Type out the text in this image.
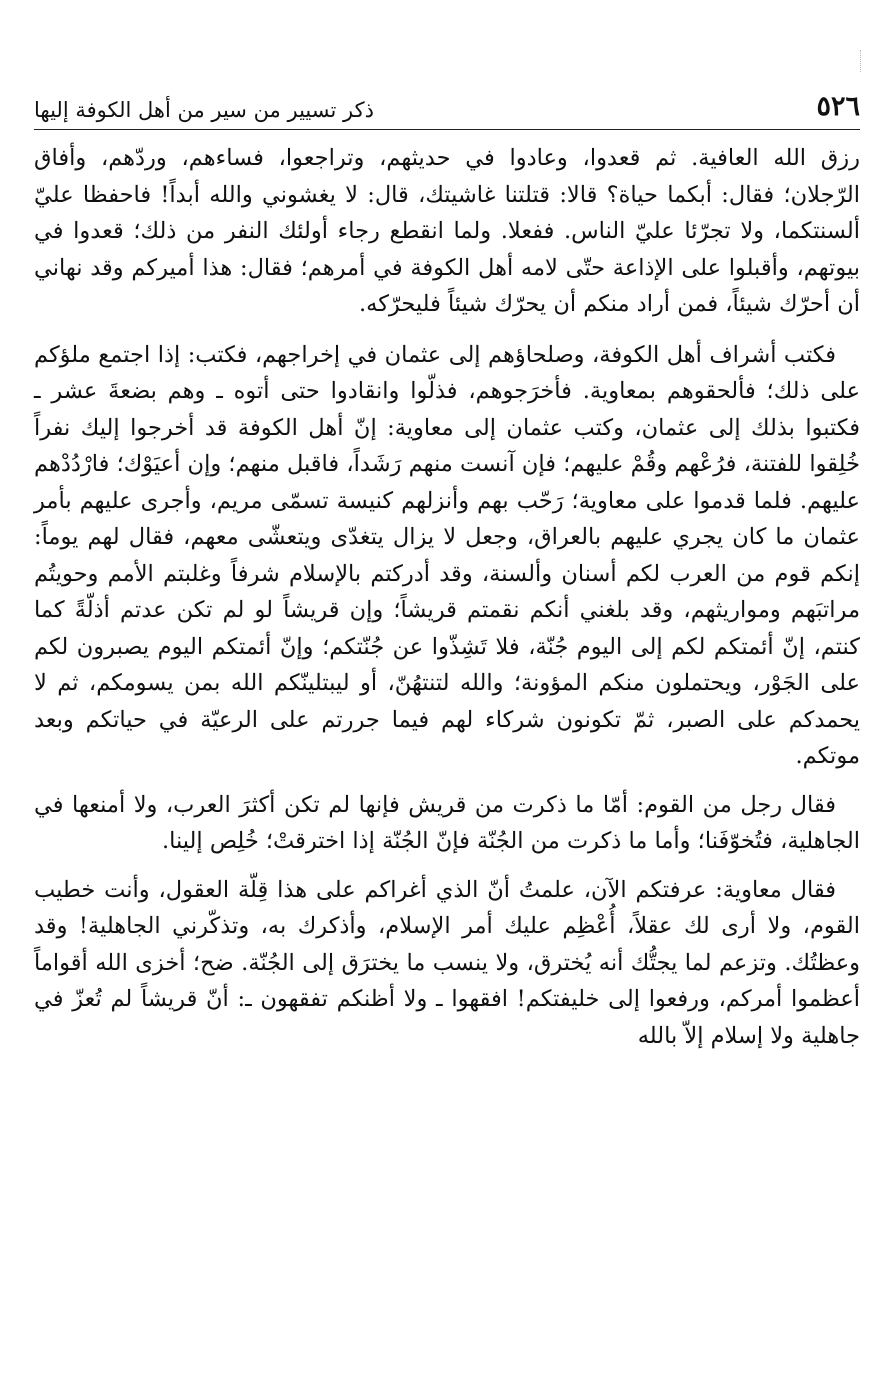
٥٢٦
ذكر تسيير من سير من أهل الكوفة إليها

رزق الله العافية. ثم قعدوا، وعادوا في حديثهم، وتراجعوا، فساءهم، وردّهم، وأفاق الرّجلان؛ فقال: أبكما حياة؟ قالا: قتلتنا غاشيتك، قال: لا يغشوني والله أبداً! فاحفظا عليّ ألسنتكما، ولا تجرّئا عليّ الناس. ففعلا. ولما انقطع رجاء أولئك النفر من ذلك؛ قعدوا في بيوتهم، وأقبلوا على الإذاعة حتّى لامه أهل الكوفة في أمرهم؛ فقال: هذا أميركم وقد نهاني أن أحرّك شيئاً، فمن أراد منكم أن يحرّك شيئاً فليحرّكه.

فكتب أشراف أهل الكوفة، وصلحاؤهم إلى عثمان في إخراجهم، فكتب: إذا اجتمع ملؤكم على ذلك؛ فألحقوهم بمعاوية. فأخرَجوهم، فذلّوا وانقادوا حتى أتوه ـ وهم بضعةَ عشر ـ فكتبوا بذلك إلى عثمان، وكتب عثمان إلى معاوية: إنّ أهل الكوفة قد أخرجوا إليك نفراً خُلِقوا للفتنة، فرُعْهم وقُمْ عليهم؛ فإن آنست منهم رَشَداً، فاقبل منهم؛ وإن أعيَوْك؛ فارْدُدْهم عليهم. فلما قدموا على معاوية؛ رَحّب بهم وأنزلهم كنيسة تسمّى مريم، وأجرى عليهم بأمر عثمان ما كان يجري عليهم بالعراق، وجعل لا يزال يتغدّى ويتعشّى معهم، فقال لهم يوماً: إنكم قوم من العرب لكم أسنان وألسنة، وقد أدركتم بالإسلام شرفاً وغلبتم الأمم وحويتُم مراتبَهم ومواريثهم، وقد بلغني أنكم نقمتم قريشاً؛ وإن قريشاً لو لم تكن عدتم أذلّةً كما كنتم، إنّ أئمتكم لكم إلى اليوم جُنّة، فلا تَشِذّوا عن جُنّتكم؛ وإنّ أئمتكم اليوم يصبرون لكم على الجَوْر، ويحتملون منكم المؤونة؛ والله لتنتهُنّ، أو ليبتلينّكم الله بمن يسومكم، ثم لا يحمدكم على الصبر، ثمّ تكونون شركاء لهم فيما جررتم على الرعيّة في حياتكم وبعد موتكم.

فقال رجل من القوم: أمّا ما ذكرت من قريش فإنها لم تكن أكثرَ العرب، ولا أمنعها في الجاهلية، فتُخوّفَنا؛ وأما ما ذكرت من الجُنّة فإنّ الجُنّة إذا اخترقتْ؛ خُلِص إلينا.

فقال معاوية: عرفتكم الآن، علمتُ أنّ الذي أغراكم على هذا قِلّة العقول، وأنت خطيب القوم، ولا أرى لك عقلاً، أُعْظِم عليك أمر الإسلام، وأذكرك به، وتذكّرني الجاهلية! وقد وعظتُك. وتزعم لما يجتُّك أنه يُخترق، ولا ينسب ما يخترَق إلى الجُنّة. ضح؛ أخزى الله أقواماً أعظموا أمركم، ورفعوا إلى خليفتكم! افقهوا ـ ولا أظنكم تفقهون ـ: أنّ قريشاً لم تُعزّ في جاهلية ولا إسلام إلاّ بالله
